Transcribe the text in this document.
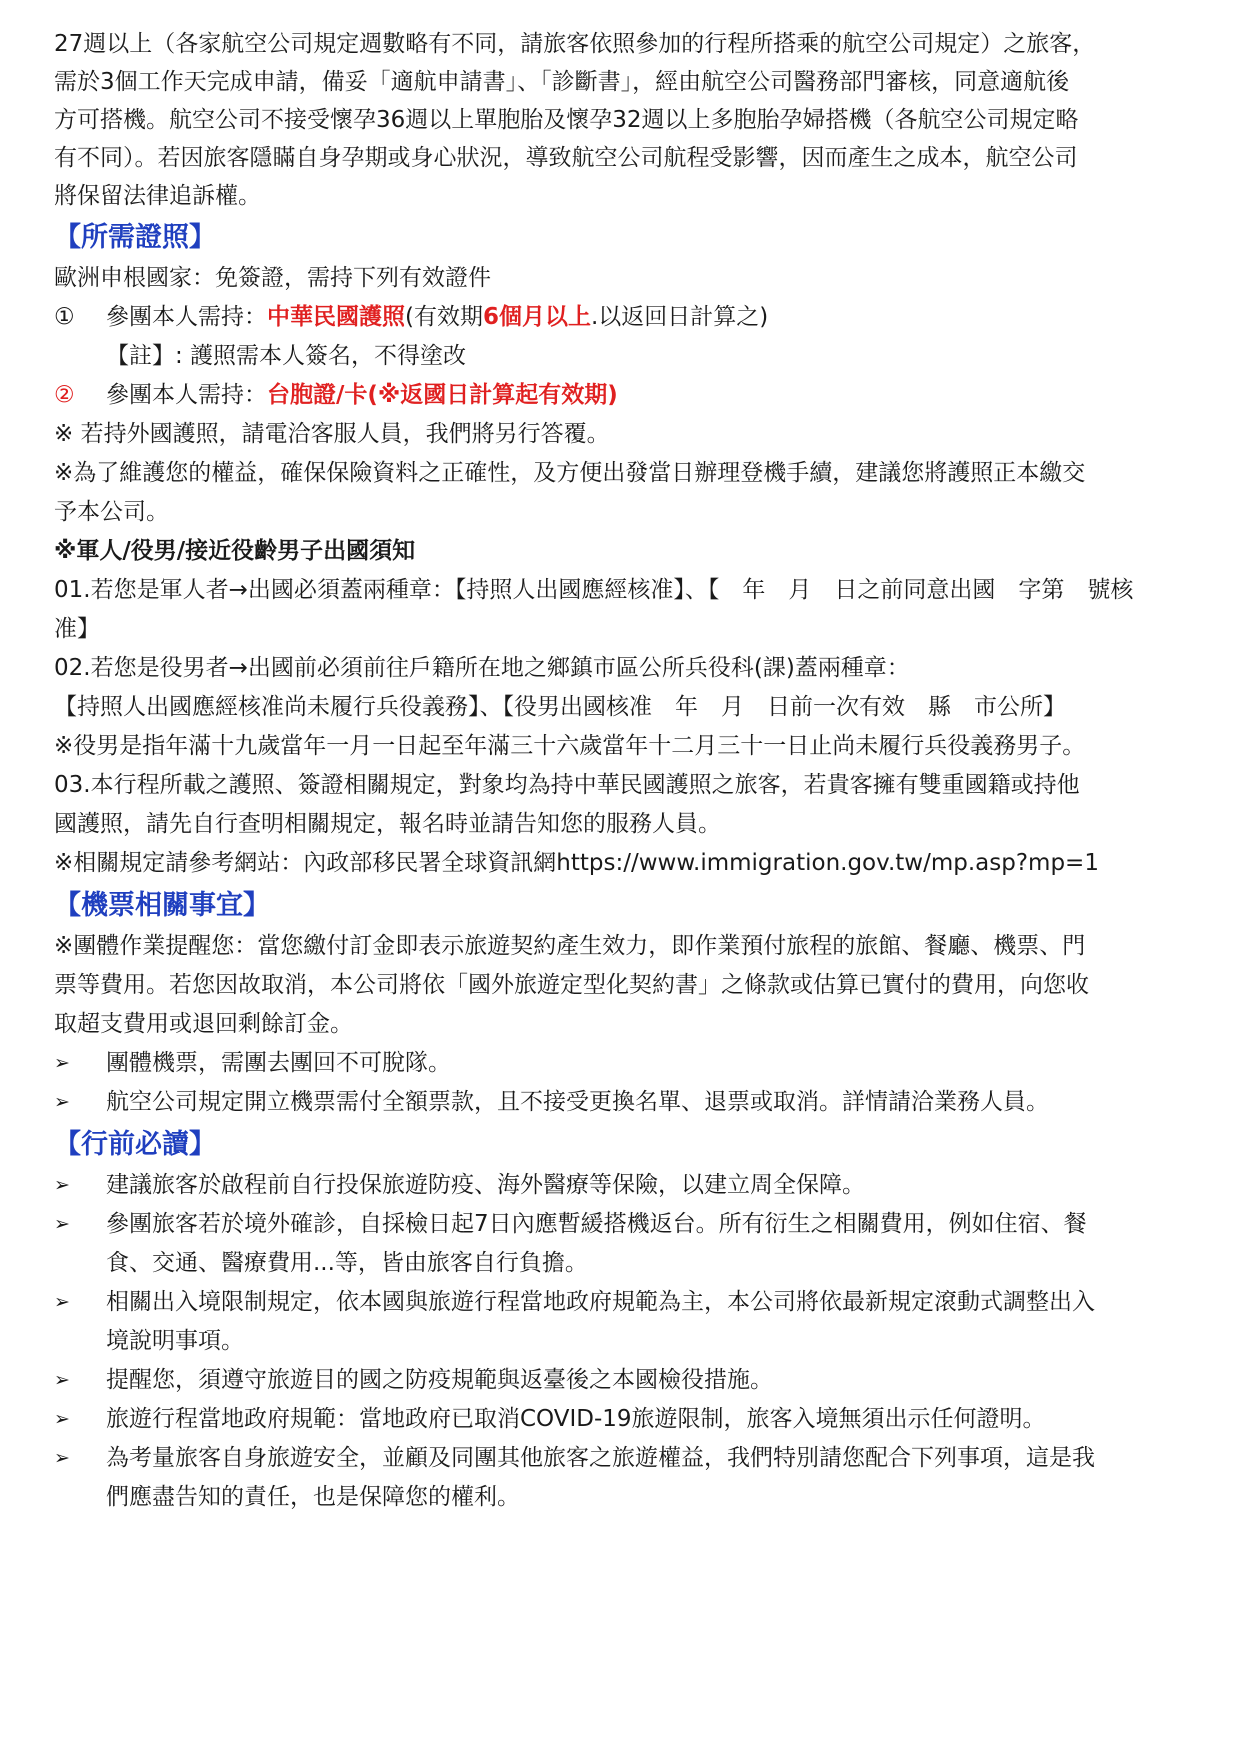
27週以上（各家航空公司規定週數略有不同，請旅客依照參加的行程所搭乘的航空公司規定）之旅客，
需於3個工作天完成申請，備妥「適航申請書」、「診斷書」，經由航空公司醫務部門審核，同意適航後
方可搭機。航空公司不接受懷孕36週以上單胞胎及懷孕32週以上多胞胎孕婦搭機（各航空公司規定略
有不同）。若因旅客隱瞞自身孕期或身心狀況，導致航空公司航程受影響，因而產生之成本，航空公司
將保留法律追訴權。
【所需證照】
歐洲申根國家：免簽證，需持下列有效證件
①	參團本人需持：中華民國護照(有效期6個月以上.以返回日計算之)
【註】: 護照需本人簽名，不得塗改
②	參團本人需持：台胞證/卡(※返國日計算起有效期)
※ 若持外國護照，請電洽客服人員，我們將另行答覆。
※為了維護您的權益，確保保險資料之正確性，及方便出發當日辦理登機手續，建議您將護照正本繳交
予本公司。
※軍人/役男/接近役齡男子出國須知
01.若您是軍人者→出國必須蓋兩種章：【持照人出國應經核准】、【　年　月　日之前同意出國　字第　號核
准】
02.若您是役男者→出國前必須前往戶籍所在地之鄉鎮市區公所兵役科(課)蓋兩種章：
【持照人出國應經核准尚未履行兵役義務】、【役男出國核准　年　月　日前一次有效　縣　市公所】
※役男是指年滿十九歲當年一月一日起至年滿三十六歲當年十二月三十一日止尚未履行兵役義務男子。
03.本行程所載之護照、簽證相關規定，對象均為持中華民國護照之旅客，若貴客擁有雙重國籍或持他
國護照，請先自行查明相關規定，報名時並請告知您的服務人員。
※相關規定請參考網站：內政部移民署全球資訊網https://www.immigration.gov.tw/mp.asp?mp=1
【機票相關事宜】
※團體作業提醒您：當您繳付訂金即表示旅遊契約產生效力，即作業預付旅程的旅館、餐廳、機票、門
票等費用。若您因故取消，本公司將依「國外旅遊定型化契約書」之條款或估算已實付的費用，向您收
取超支費用或退回剩餘訂金。
➢	團體機票，需團去團回不可脫隊。
➢	航空公司規定開立機票需付全額票款，且不接受更換名單、退票或取消。詳情請洽業務人員。
【行前必讀】
➢	建議旅客於啟程前自行投保旅遊防疫、海外醫療等保險，以建立周全保障。
➢	參團旅客若於境外確診，自採檢日起7日內應暫緩搭機返台。所有衍生之相關費用，例如住宿、餐
食、交通、醫療費用...等，皆由旅客自行負擔。
➢	相關出入境限制規定，依本國與旅遊行程當地政府規範為主，本公司將依最新規定滾動式調整出入
境說明事項。
➢	提醒您，須遵守旅遊目的國之防疫規範與返臺後之本國檢役措施。
➢	旅遊行程當地政府規範：當地政府已取消COVID-19旅遊限制，旅客入境無須出示任何證明。
➢	為考量旅客自身旅遊安全，並顧及同團其他旅客之旅遊權益，我們特別請您配合下列事項，這是我
們應盡告知的責任，也是保障您的權利。
